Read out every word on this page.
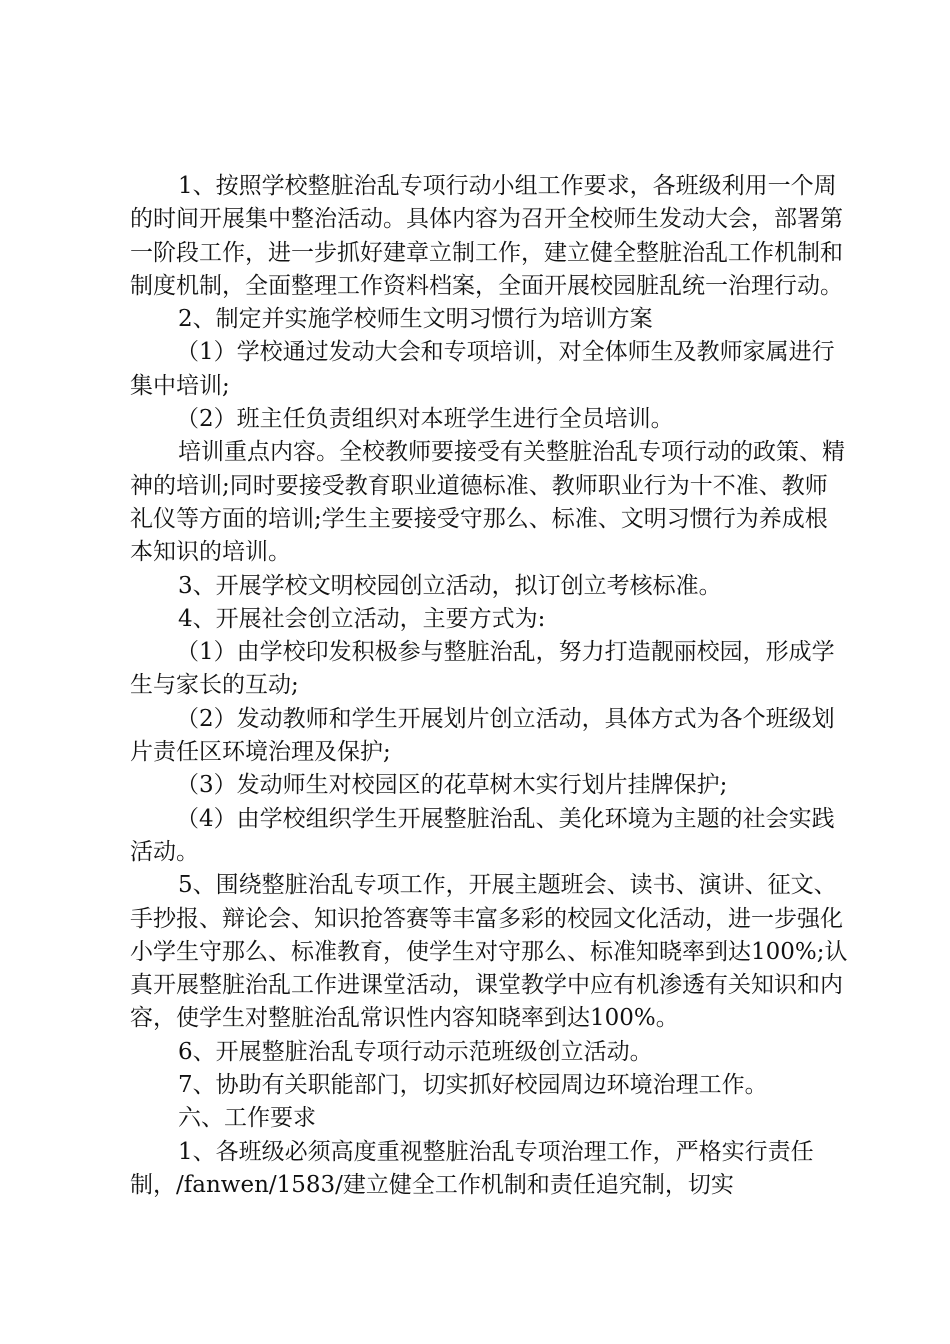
1、按照学校整脏治乱专项行动小组工作要求，各班级利用一个周的时间开展集中整治活动。具体内容为召开全校师生发动大会，部署第一阶段工作，进一步抓好建章立制工作，建立健全整脏治乱工作机制和制度机制，全面整理工作资料档案，全面开展校园脏乱统一治理行动。

2、制定并实施学校师生文明习惯行为培训方案

（1）学校通过发动大会和专项培训，对全体师生及教师家属进行集中培训;

（2）班主任负责组织对本班学生进行全员培训。

培训重点内容。全校教师要接受有关整脏治乱专项行动的政策、精神的培训;同时要接受教育职业道德标准、教师职业行为十不准、教师礼仪等方面的培训;学生主要接受守那么、标准、文明习惯行为养成根本知识的培训。

3、开展学校文明校园创立活动，拟订创立考核标准。

4、开展社会创立活动，主要方式为:

（1）由学校印发积极参与整脏治乱，努力打造靓丽校园，形成学生与家长的互动;

（2）发动教师和学生开展划片创立活动，具体方式为各个班级划片责任区环境治理及保护;

（3）发动师生对校园区的花草树木实行划片挂牌保护;

（4）由学校组织学生开展整脏治乱、美化环境为主题的社会实践活动。

5、围绕整脏治乱专项工作，开展主题班会、读书、演讲、征文、手抄报、辩论会、知识抢答赛等丰富多彩的校园文化活动，进一步强化小学生守那么、标准教育，使学生对守那么、标准知晓率到达100%;认真开展整脏治乱工作进课堂活动，课堂教学中应有机渗透有关知识和内容，使学生对整脏治乱常识性内容知晓率到达100%。

6、开展整脏治乱专项行动示范班级创立活动。

7、协助有关职能部门，切实抓好校园周边环境治理工作。

六、工作要求

1、各班级必须高度重视整脏治乱专项治理工作，严格实行责任制，/fanwen/1583/建立健全工作机制和责任追究制，切实
